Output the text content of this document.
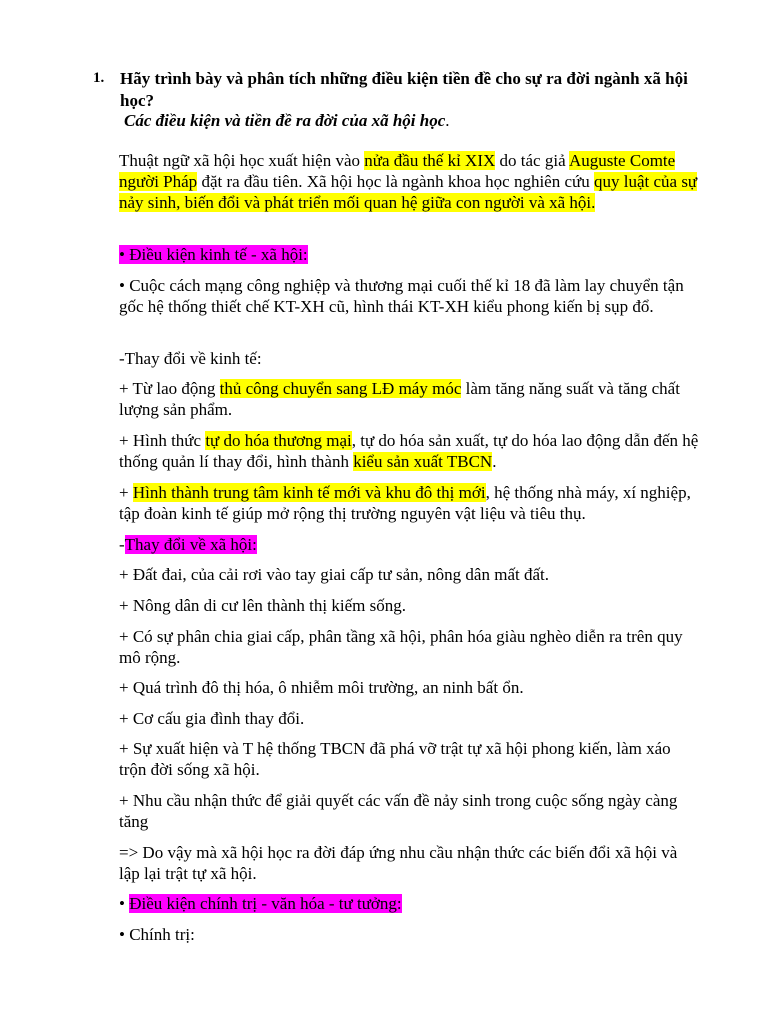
1. Hãy trình bày và phân tích những điều kiện tiền đề cho sự ra đời ngành xã hội học?

Các điều kiện và tiền đề ra đời của xã hội học.

Thuật ngữ xã hội học xuất hiện vào nửa đầu thế kỉ XIX do tác giả Auguste Comte người Pháp đặt ra đầu tiên. Xã hội học là ngành khoa học nghiên cứu quy luật của sự nảy sinh, biến đổi và phát triển mối quan hệ giữa con người và xã hội.

• Điều kiện kinh tế - xã hội:

• Cuộc cách mạng công nghiệp và thương mại cuối thế kỉ 18 đã làm lay chuyển tận gốc hệ thống thiết chế KT-XH cũ, hình thái KT-XH kiểu phong kiến bị sụp đổ.

-Thay đổi về kinh tế:

+ Từ lao động thủ công chuyển sang LĐ máy móc làm tăng năng suất và tăng chất lượng sản phẩm.

+ Hình thức tự do hóa thương mại, tự do hóa sản xuất, tự do hóa lao động dẫn đến hệ thống quản lí thay đổi, hình thành kiểu sản xuất TBCN.

+ Hình thành trung tâm kinh tế mới và khu đô thị mới, hệ thống nhà máy, xí nghiệp, tập đoàn kinh tế giúp mở rộng thị trường nguyên vật liệu và tiêu thụ.

-Thay đổi về xã hội:

+ Đất đai, của cải rơi vào tay giai cấp tư sản, nông dân mất đất.

+ Nông dân di cư lên thành thị kiếm sống.

+ Có sự phân chia giai cấp, phân tầng xã hội, phân hóa giàu nghèo diễn ra trên quy mô rộng.

+ Quá trình đô thị hóa, ô nhiễm môi trường, an ninh bất ổn.

+ Cơ cấu gia đình thay đổi.

+ Sự xuất hiện và T hệ thống TBCN đã phá vỡ trật tự xã hội phong kiến, làm xáo trộn đời sống xã hội.

+ Nhu cầu nhận thức để giải quyết các vấn đề nảy sinh trong cuộc sống ngày càng tăng

=> Do vậy mà xã hội học ra đời đáp ứng nhu cầu nhận thức các biến đổi xã hội và lập lại trật tự xã hội.

• Điều kiện chính trị - văn hóa - tư tưởng:

• Chính trị:
